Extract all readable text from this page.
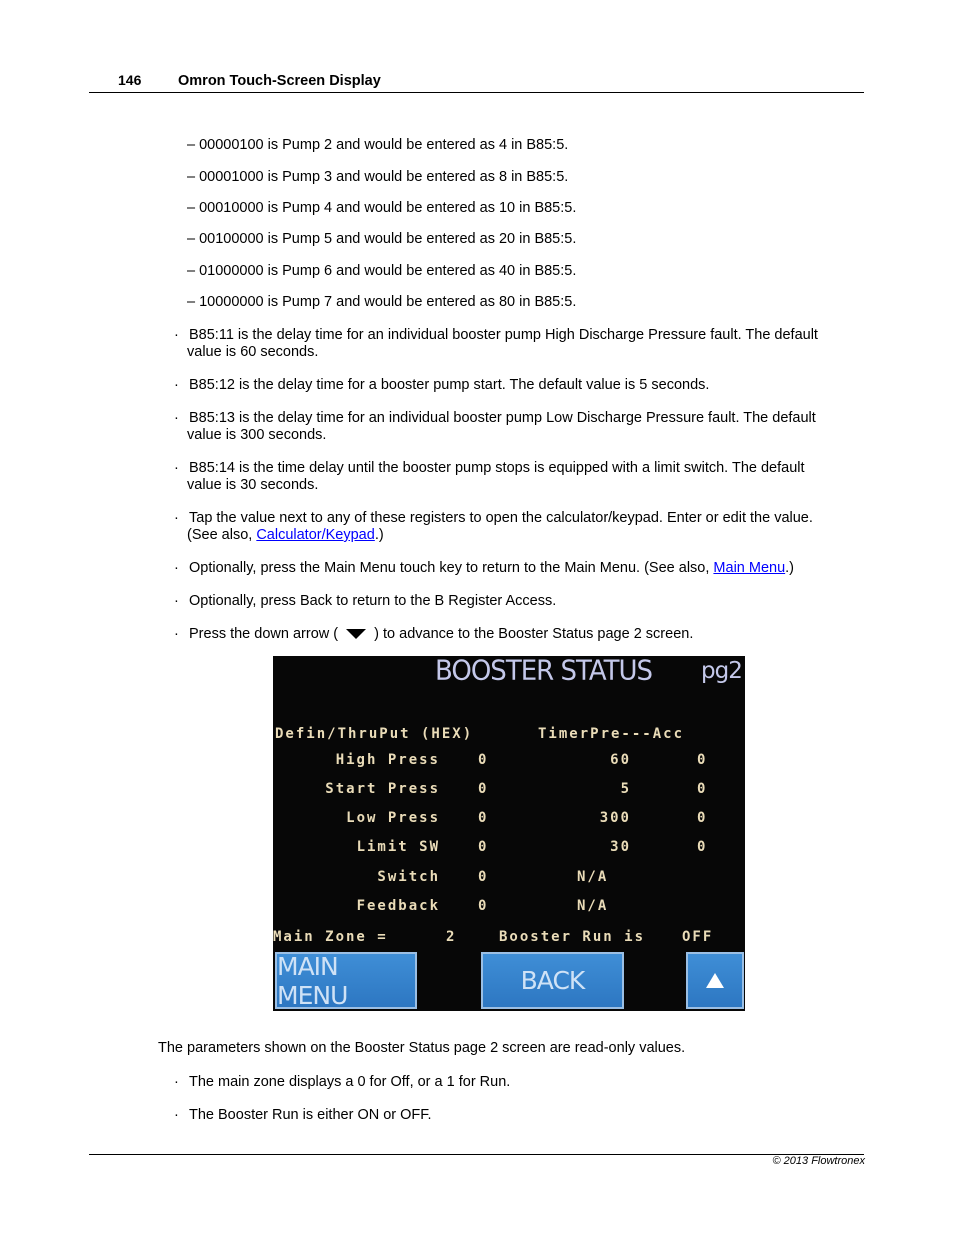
146	Omron Touch-Screen Display
– 00000100 is Pump 2 and would be entered as 4 in B85:5.
– 00001000 is Pump 3 and would be entered as 8 in B85:5.
– 00010000 is Pump 4 and would be entered as 10 in B85:5.
– 00100000 is Pump 5 and would be entered as 20 in B85:5.
– 01000000 is Pump 6 and would be entered as 40 in B85:5.
– 10000000 is Pump 7 and would be entered as 80 in B85:5.
· B85:11 is the delay time for an individual booster pump High Discharge Pressure fault. The default
value is 60 seconds.
· B85:12 is the delay time for a booster pump start. The default value is 5 seconds.
· B85:13 is the delay time for an individual booster pump Low Discharge Pressure fault. The default
value is 300 seconds.
· B85:14 is the time delay until the booster pump stops is equipped with a limit switch. The default
value is 30 seconds.
· Tap the value next to any of these registers to open the calculator/keypad. Enter or edit the value.
(See also, Calculator/Keypad.)
· Optionally, press the Main Menu touch key to return to the Main Menu. (See also, Main Menu.)
· Optionally, press Back to return to the B Register Access.
· Press the down arrow (  ) to advance to the Booster Status page 2 screen.
BOOSTER STATUS pg2
Defin/ThruPut (HEX)	TimerPre---Acc
High Press	0	60	0
Start Press	0	5	0
Low Press	0	300	0
Limit SW	0	30	0
Switch	0	N/A
Feedback	0	N/A
Main Zone =	2	Booster Run is	OFF
MAIN MENU	BACK
The parameters shown on the Booster Status page 2 screen are read-only values.
· The main zone displays a 0 for Off, or a 1 for Run.
· The Booster Run is either ON or OFF.
© 2013 Flowtronex
